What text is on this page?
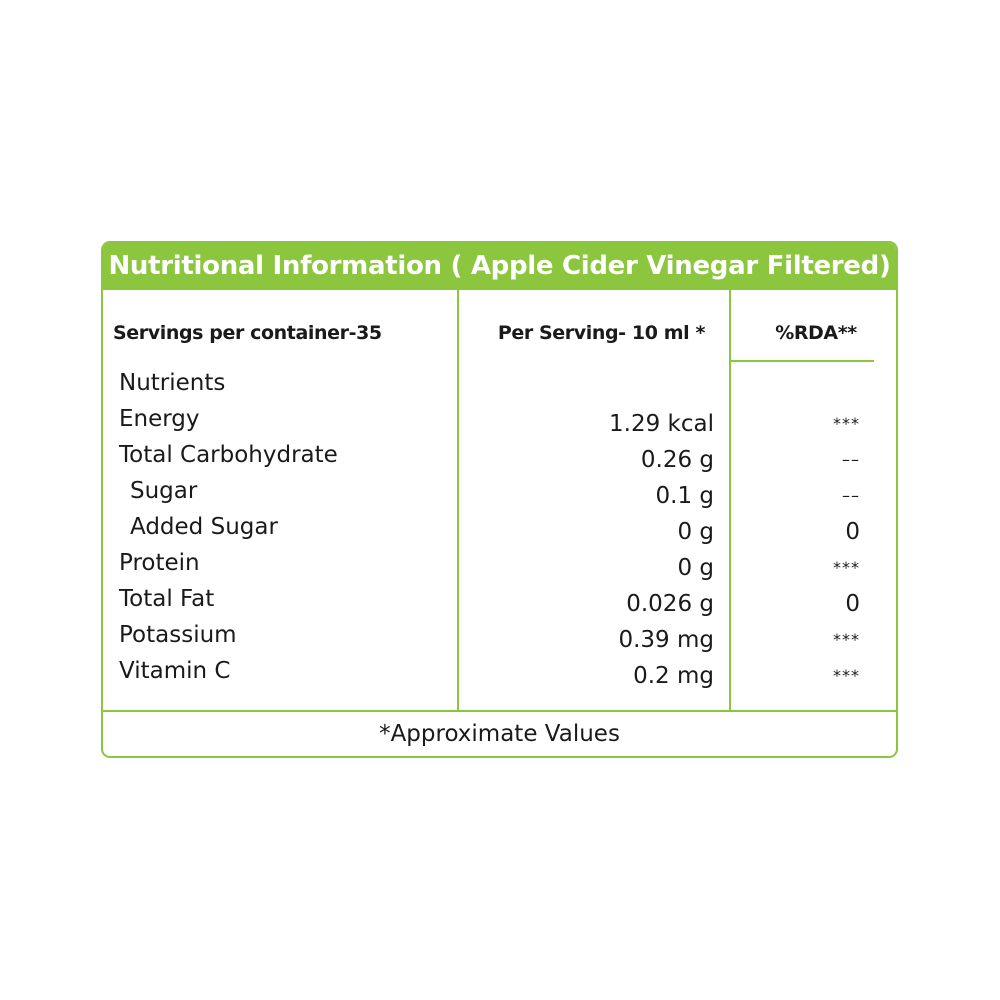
Nutritional Information ( Apple Cider Vinegar Filtered)
Servings per container-35	Per Serving- 10 ml *	%RDA**
Nutrients
Energy	1.29 kcal	***
Total Carbohydrate	0.26 g	––
Sugar	0.1 g	––
Added Sugar	0 g	0
Protein	0 g	***
Total Fat	0.026 g	0
Potassium	0.39 mg	***
Vitamin C	0.2 mg	***
*Approximate Values
